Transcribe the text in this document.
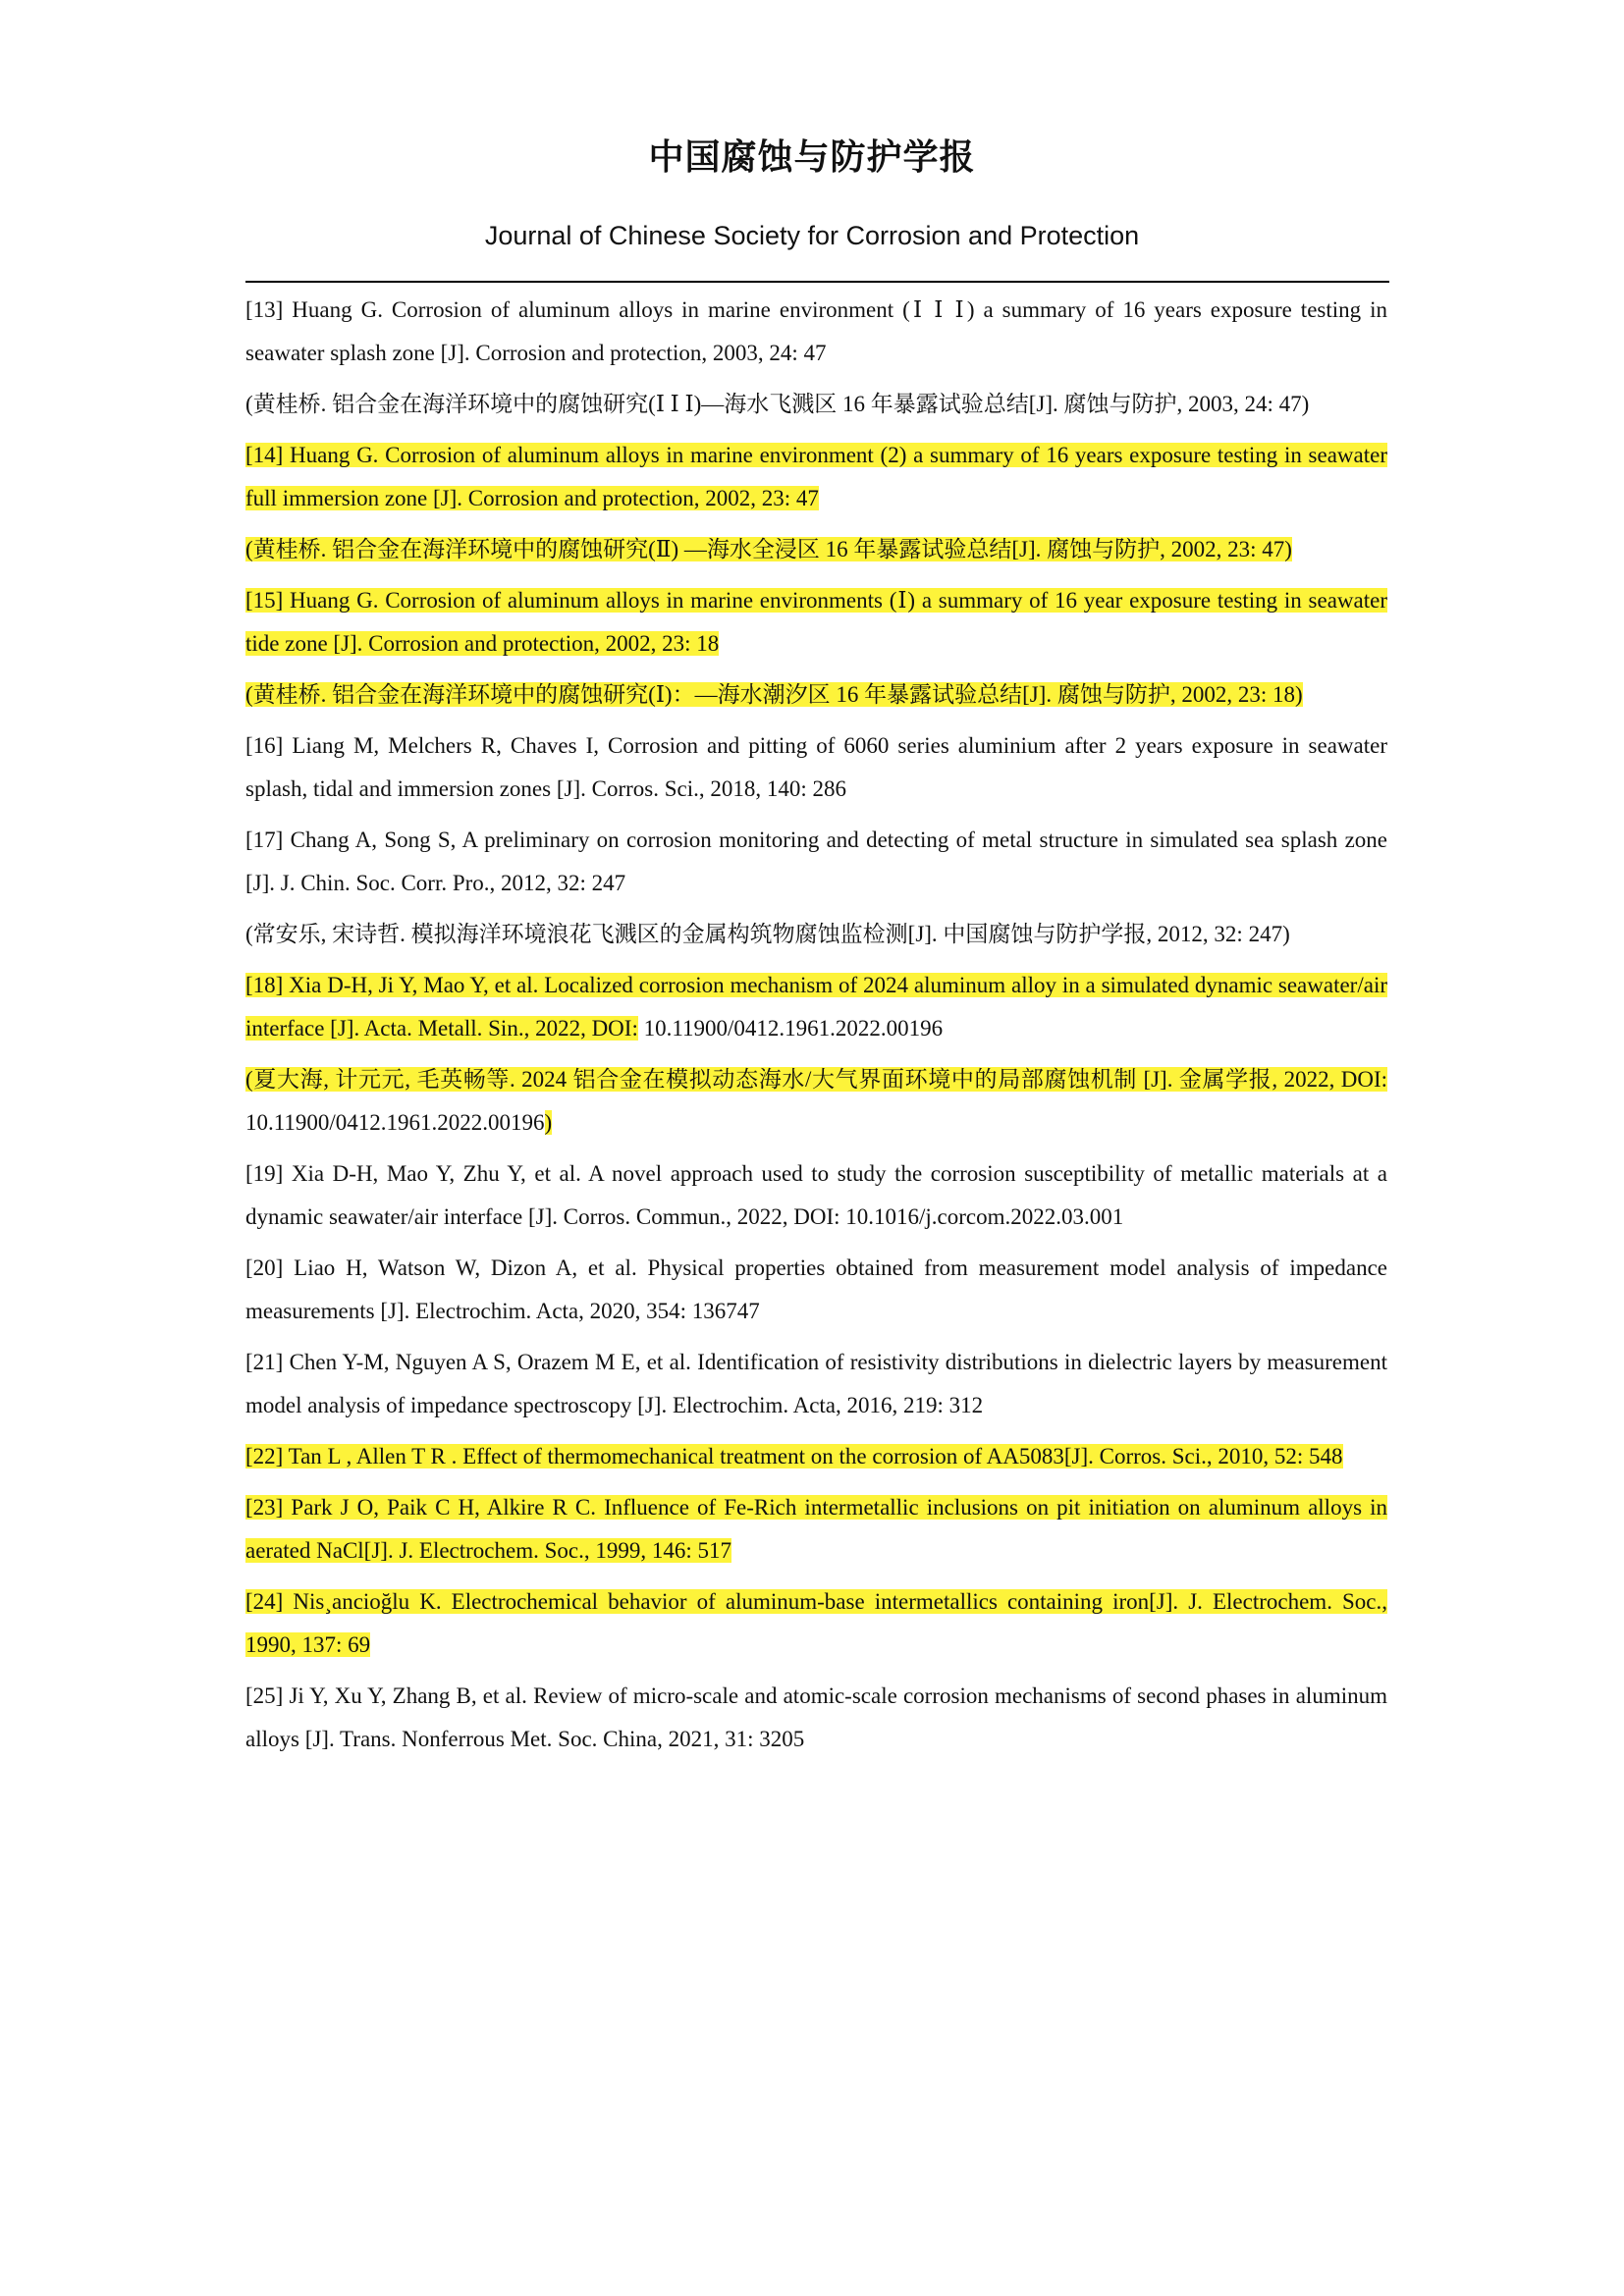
中国腐蚀与防护学报
Journal of Chinese Society for Corrosion and Protection

[13] Huang G. Corrosion of aluminum alloys in marine environment (Ⅰ Ⅰ Ⅰ) a summary of 16 years exposure testing in seawater splash zone [J]. Corrosion and protection, 2003, 24: 47

(黄桂桥. 铝合金在海洋环境中的腐蚀研究(Ⅰ Ⅰ Ⅰ)—海水飞溅区 16 年暴露试验总结[J]. 腐蚀与防护, 2003, 24: 47)

[14] Huang G. Corrosion of aluminum alloys in marine environment (2) a summary of 16 years exposure testing in seawater full immersion zone [J]. Corrosion and protection, 2002, 23: 47

(黄桂桥. 铝合金在海洋环境中的腐蚀研究(Ⅱ) —海水全浸区 16 年暴露试验总结[J]. 腐蚀与防护, 2002, 23: 47)

[15] Huang G. Corrosion of aluminum alloys in marine environments (Ⅰ) a summary of 16 year exposure testing in seawater tide zone [J]. Corrosion and protection, 2002, 23: 18

(黄桂桥. 铝合金在海洋环境中的腐蚀研究(Ⅰ)：—海水潮汐区 16 年暴露试验总结[J]. 腐蚀与防护, 2002, 23: 18)

[16] Liang M, Melchers R, Chaves I, Corrosion and pitting of 6060 series aluminium after 2 years exposure in seawater splash, tidal and immersion zones [J]. Corros. Sci., 2018, 140: 286

[17] Chang A, Song S, A preliminary on corrosion monitoring and detecting of metal structure in simulated sea splash zone [J]. J. Chin. Soc. Corr. Pro., 2012, 32: 247

(常安乐, 宋诗哲. 模拟海洋环境浪花飞溅区的金属构筑物腐蚀监检测[J]. 中国腐蚀与防护学报, 2012, 32: 247)

[18] Xia D-H, Ji Y, Mao Y, et al. Localized corrosion mechanism of 2024 aluminum alloy in a simulated dynamic seawater/air interface [J]. Acta. Metall. Sin., 2022, DOI: 10.11900/0412.1961.2022.00196

(夏大海, 计元元, 毛英畅等. 2024 铝合金在模拟动态海水/大气界面环境中的局部腐蚀机制 [J]. 金属学报, 2022, DOI: 10.11900/0412.1961.2022.00196)

[19] Xia D-H, Mao Y, Zhu Y, et al. A novel approach used to study the corrosion susceptibility of metallic materials at a dynamic seawater/air interface [J]. Corros. Commun., 2022, DOI: 10.1016/j.corcom.2022.03.001

[20] Liao H, Watson W, Dizon A, et al. Physical properties obtained from measurement model analysis of impedance measurements [J]. Electrochim. Acta, 2020, 354: 136747

[21] Chen Y-M, Nguyen A S, Orazem M E, et al. Identification of resistivity distributions in dielectric layers by measurement model analysis of impedance spectroscopy [J]. Electrochim. Acta, 2016, 219: 312

[22] Tan L , Allen T R . Effect of thermomechanical treatment on the corrosion of AA5083[J]. Corros. Sci., 2010, 52: 548

[23] Park J O, Paik C H, Alkire R C. Influence of Fe-Rich intermetallic inclusions on pit initiation on aluminum alloys in aerated NaCl[J]. J. Electrochem. Soc., 1999, 146: 517

[24] Nis¸ancioğlu K. Electrochemical behavior of aluminum-base intermetallics containing iron[J]. J. Electrochem. Soc., 1990, 137: 69

[25] Ji Y, Xu Y, Zhang B, et al. Review of micro-scale and atomic-scale corrosion mechanisms of second phases in aluminum alloys [J]. Trans. Nonferrous Met. Soc. China, 2021, 31: 3205
